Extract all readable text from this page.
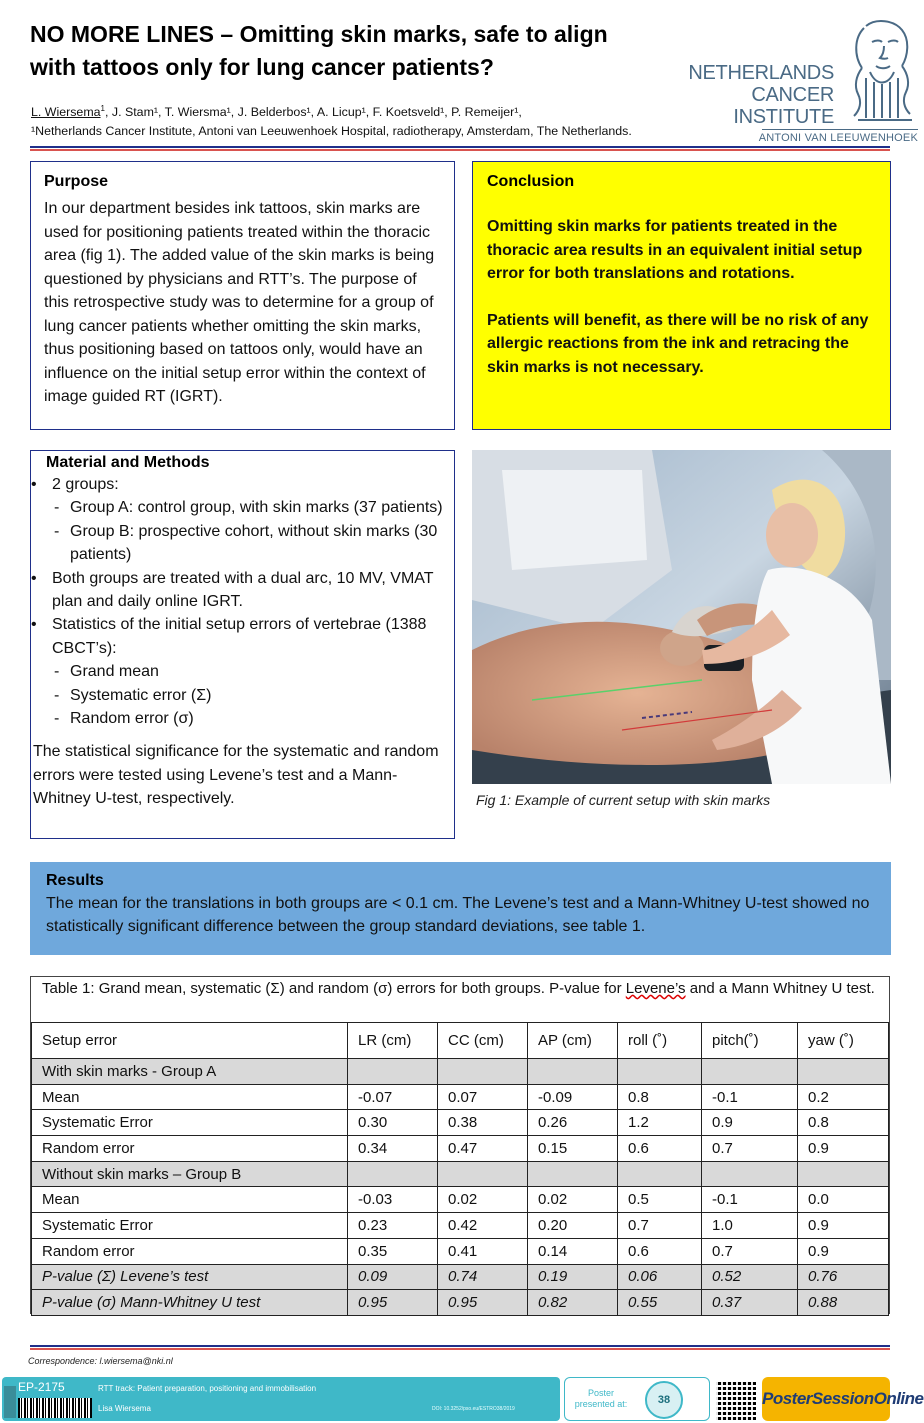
NO MORE LINES – Omitting skin marks, safe to align
with tattoos only for lung cancer patients?
L. Wiersema$^1$, J. Stam¹, T. Wiersma¹, J. Belderbos¹, A. Licup¹, F. Koetsveld¹, P. Remeijer¹,
¹Netherlands Cancer Institute, Antoni van Leeuwenhoek Hospital, radiotherapy, Amsterdam, The Netherlands.
NETHERLANDS
CANCER
INSTITUTE
ANTONI VAN LEEUWENHOEK
Purpose

In our department besides ink tattoos, skin marks are used for positioning patients treated within the thoracic area (fig 1). The added value of the skin marks is being questioned by physicians and RTT’s. The purpose of this retrospective study was to determine for a group of lung cancer patients whether omitting the skin marks, thus positioning based on tattoos only, would have an influence on the initial setup error within the context of image guided RT (IGRT).

Conclusion

Omitting skin marks for patients treated in the thoracic area results in an equivalent initial setup error for both translations and rotations.

Patients will benefit, as there will be no risk of any allergic reactions from the ink and retracing the skin marks is not necessary.

Material and Methods
• 2 groups:
- Group A: control group, with skin marks (37 patients)
- Group B: prospective cohort, without skin marks (30 patients)
• Both groups are treated with a dual arc, 10 MV, VMAT plan and daily online IGRT.
• Statistics of the initial setup errors of vertebrae (1388 CBCT’s):
- Grand mean
- Systematic error (Σ)
- Random error (σ)

The statistical significance for the systematic and random errors were tested using Levene’s test and a Mann-Whitney U-test, respectively.	Fig 1: Example of current setup with skin marks
Results

The mean for the translations in both groups are < 0.1 cm. The Levene’s test and a Mann-Whitney U-test showed no statistically significant difference between the group standard deviations, see table 1.

Table 1: Grand mean, systematic (Σ) and random (σ) errors for both groups. P-value for Levene’s and a Mann Whitney U test.
Setup error	LR (cm)	CC (cm)	AP (cm)	roll (˚)	pitch(˚)	yaw (˚)
With skin marks - Group A						
Mean	-0.07	0.07	-0.09	0.8	-0.1	0.2
Systematic Error	0.30	0.38	0.26	1.2	0.9	0.8
Random error	0.34	0.47	0.15	0.6	0.7	0.9
Without skin marks – Group B						
Mean	-0.03	0.02	0.02	0.5	-0.1	0.0
Systematic Error	0.23	0.42	0.20	0.7	1.0	0.9
Random error	0.35	0.41	0.14	0.6	0.7	0.9
P-value (Σ) Levene’s test	0.09	0.74	0.19	0.06	0.52	0.76
P-value (σ) Mann-Whitney U test	0.95	0.95	0.82	0.55	0.37	0.88
Correspondence: l.wiersema@nki.nl
EP-2175	RTT track: Patient preparation, positioning and immobilisation
Lisa Wiersema	DOI: 10.3252/pso.eu/ESTRO38/2019
Poster presented at:	38	PosterSessionOnline
